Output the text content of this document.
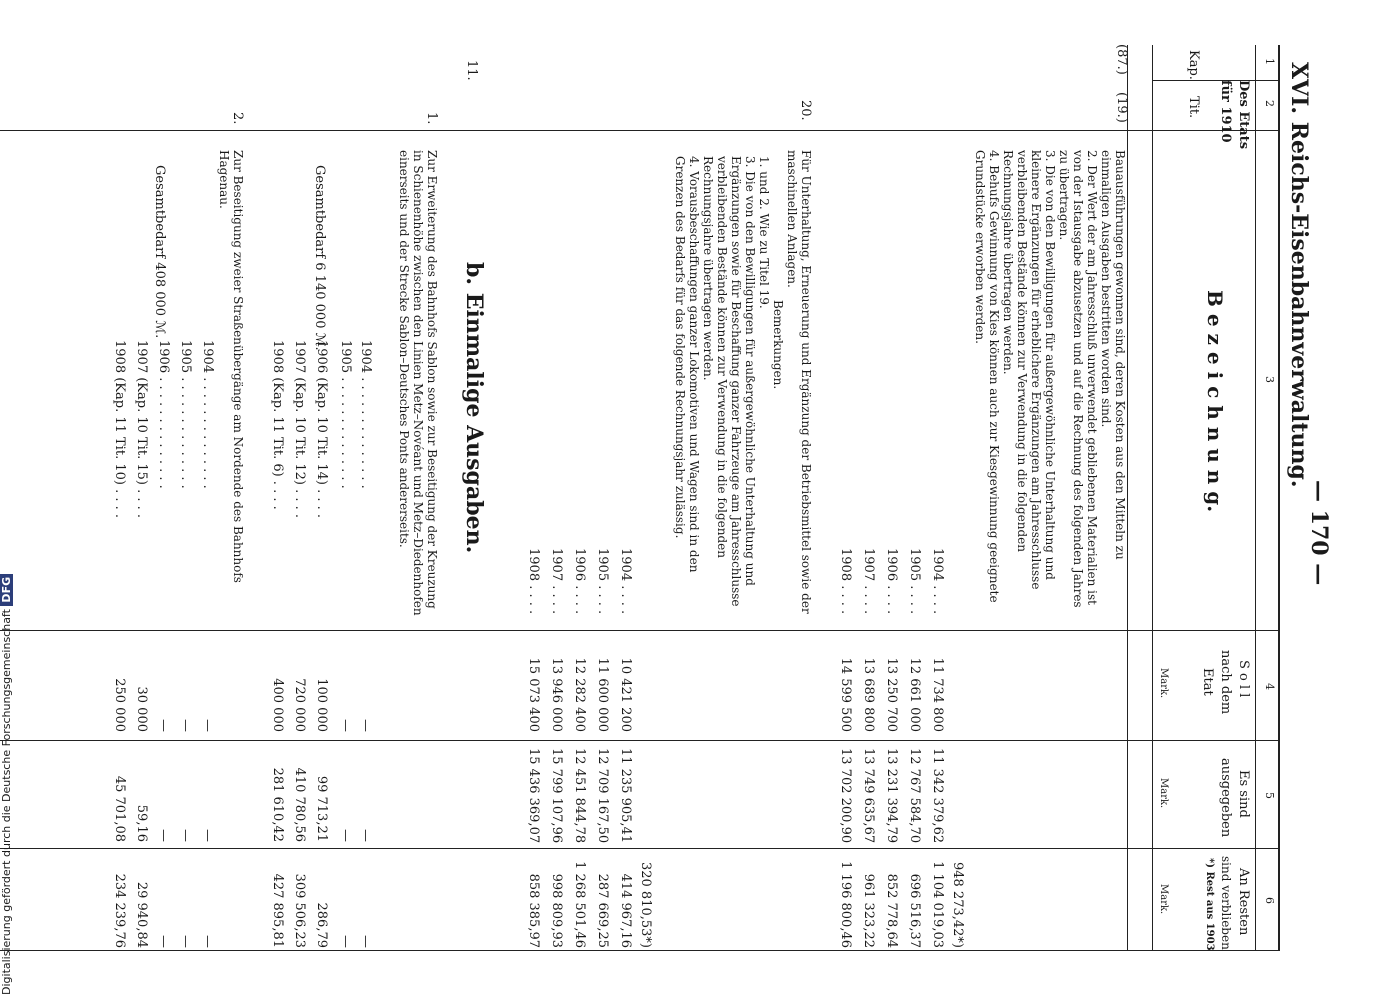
XVI. Reichs-Eisenbahnverwaltung.
— 170 —
1
2
3
4
5
6
Des Etats
für 1910
Kap.
Tit.
B e z e i c h n u n g.
S o l l
nach dem
Etat
Mark.
Es sind
ausgegeben
Mark.
An Resten
sind verblieben
*) Rest aus 1903
Mark.
(87.)
(19.)
Bauausführungen gewonnen sind, deren Kosten aus den Mitteln zu
einmaligen Ausgaben bestritten worden sind.
2. Der Wert der am Jahresschluß unverwendet gebliebenen Materialien ist
von der Istausgabe abzusetzen und auf die Rechnung des folgenden Jahres
zu übertragen.
3. Die von den Bewilligungen für außergewöhnliche Unterhaltung und
kleinere Ergänzungen für erheblichere Ergänzungen am Jahresschlusse
verbleibenden Bestände können zur Verwendung in die folgenden
Rechnungsjahre übertragen werden.
4. Behufs Gewinnung von Kies können auch zur Kiesgewinnung geeignete
Grundstücke erworben werden.
1904 . . . .
11 734 800
11 342 379,62
1 104 019,03 948 273,42*)
1905 . . . .
12 661 000
12 767 584,70
696 516,37
1906 . . . .
13 250 700
13 231 394,79
852 778,64
1907 . . . .
13 689 800
13 749 635,67
961 323,22
1908 . . . .
14 599 500
13 702 200,90
1 196 800,46
20.
Für Unterhaltung, Erneuerung und Ergänzung der Betriebsmittel sowie der
maschinellen Anlagen.
Bemerkungen.
1. und 2. Wie zu Titel 19.
3. Die von den Bewilligungen für außergewöhnliche Unterhaltung und
Ergänzungen sowie für Beschaffung ganzer Fahrzeuge am Jahresschlusse
verbleibenden Bestände können zur Verwendung in die folgenden
Rechnungsjahre übertragen werden.
4. Vorausbeschaffungen ganzer Lokomotiven und Wagen sind in den
Grenzen des Bedarfs für das folgende Rechnungsjahr zulässig.
1904 . . . .
10 421 200
11 235 905,41
414 967,16 320 810,53*)
1905 . . . .
11 600 000
12 709 167,50
287 669,25
1906 . . . .
12 282 400
12 451 844,78
1 268 501,46
1907 . . . .
13 946 000
15 799 107,96
998 809,93
1908 . . . .
15 073 400
15 436 369,07
858 385,97
11.
b. Einmalige Ausgaben.
1.
Zur Erweiterung des Bahnhofs Sablon sowie zur Beseitigung der Kreuzung
in Schienenhöhe zwischen den Linien Metz–Novéant und Metz–Diedenhofen
einerseits und der Strecke Sablon–Deutsches Ponts andererseits.
1904 . . . . . . . . . . . . . .
—
—
—
1905 . . . . . . . . . . . . . .
—
—
—
1906 (Kap. 10 Tit. 14) . . . .
100 000
99 713,21
286,79
1907 (Kap. 10 Tit. 12) . . . .
720 000
410 780,56
309 506,23
1908 (Kap. 11 Tit. 6) . . . .
400 000
281 610,42
427 895,81
Gesamtbedarf 6 140 000 ℳ.
2.
Zur Beseitigung zweier Straßenübergänge am Nordende des Bahnhofs
Hagenau.
1904 . . . . . . . . . . . . . .
—
—
—
1905 . . . . . . . . . . . . . .
—
—
—
1906 . . . . . . . . . . . . . .
—
—
—
1907 (Kap. 10 Tit. 15) . . . .
30 000
59,16
29 940,84
1908 (Kap. 11 Tit. 10) . . . .
250 000
45 701,08
234 239,76
Gesamtbedarf 408 000 ℳ.
Digitalisierung gefördert durch die Deutsche Forschungsgemeinschaft DFG
